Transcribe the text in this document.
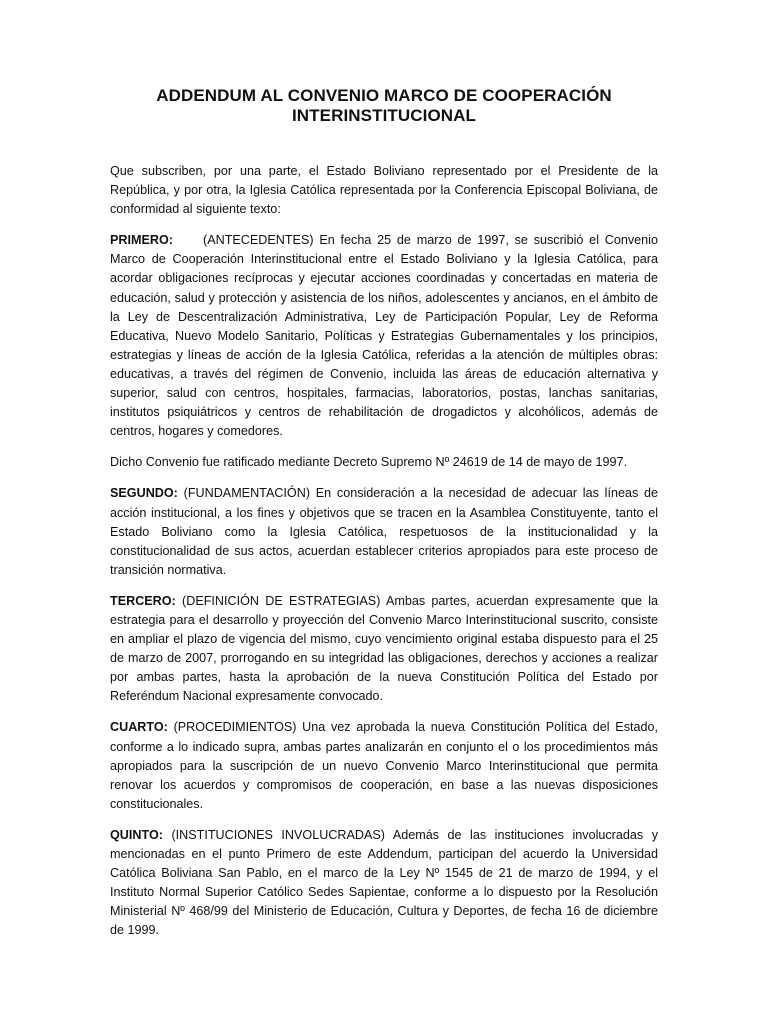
ADDENDUM AL CONVENIO MARCO DE COOPERACIÓN
INTERINSTITUCIONAL

Que subscriben, por una parte, el Estado Boliviano representado por el Presidente de la República, y por otra, la Iglesia Católica representada por la Conferencia Episcopal Boliviana, de conformidad al siguiente texto:

PRIMERO: (ANTECEDENTES) En fecha 25 de marzo de 1997, se suscribió el Convenio Marco de Cooperación Interinstitucional entre el Estado Boliviano y la Iglesia Católica, para acordar obligaciones recíprocas y ejecutar acciones coordinadas y concertadas en materia de educación, salud y protección y asistencia de los niños, adolescentes y ancianos, en el ámbito de la Ley de Descentralización Administrativa, Ley de Participación Popular, Ley de Reforma Educativa, Nuevo Modelo Sanitario, Políticas y Estrategias Gubernamentales y los principios, estrategias y líneas de acción de la Iglesia Católica, referidas a la atención de múltiples obras: educativas, a través del régimen de Convenio, incluida las áreas de educación alternativa y superior, salud con centros, hospitales, farmacias, laboratorios, postas, lanchas sanitarias, institutos psiquiátricos y centros de rehabilitación de drogadictos y alcohólicos, además de centros, hogares y comedores.

Dicho Convenio fue ratificado mediante Decreto Supremo Nº 24619 de 14 de mayo de 1997.

SEGUNDO: (FUNDAMENTACIÓN) En consideración a la necesidad de adecuar las líneas de acción institucional, a los fines y objetivos que se tracen en la Asamblea Constituyente, tanto el Estado Boliviano como la Iglesia Católica, respetuosos de la institucionalidad y la constitucionalidad de sus actos, acuerdan establecer criterios apropiados para este proceso de transición normativa.

TERCERO: (DEFINICIÓN DE ESTRATEGIAS) Ambas partes, acuerdan expresamente que la estrategia para el desarrollo y proyección del Convenio Marco Interinstitucional suscrito, consiste en ampliar el plazo de vigencia del mismo, cuyo vencimiento original estaba dispuesto para el 25 de marzo de 2007, prorrogando en su integridad las obligaciones, derechos y acciones a realizar por ambas partes, hasta la aprobación de la nueva Constitución Política del Estado por Referéndum Nacional expresamente convocado.

CUARTO: (PROCEDIMIENTOS) Una vez aprobada la nueva Constitución Política del Estado, conforme a lo indicado supra, ambas partes analizarán en conjunto el o los procedimientos más apropiados para la suscripción de un nuevo Convenio Marco Interinstitucional que permita renovar los acuerdos y compromisos de cooperación, en base a las nuevas disposiciones constitucionales.

QUINTO: (INSTITUCIONES INVOLUCRADAS) Además de las instituciones involucradas y mencionadas en el punto Primero de este Addendum, participan del acuerdo la Universidad Católica Boliviana San Pablo, en el marco de la Ley Nº 1545 de 21 de marzo de 1994, y el Instituto Normal Superior Católico Sedes Sapientae, conforme a lo dispuesto por la Resolución Ministerial Nº 468/99 del Ministerio de Educación, Cultura y Deportes, de fecha 16 de diciembre de 1999.
